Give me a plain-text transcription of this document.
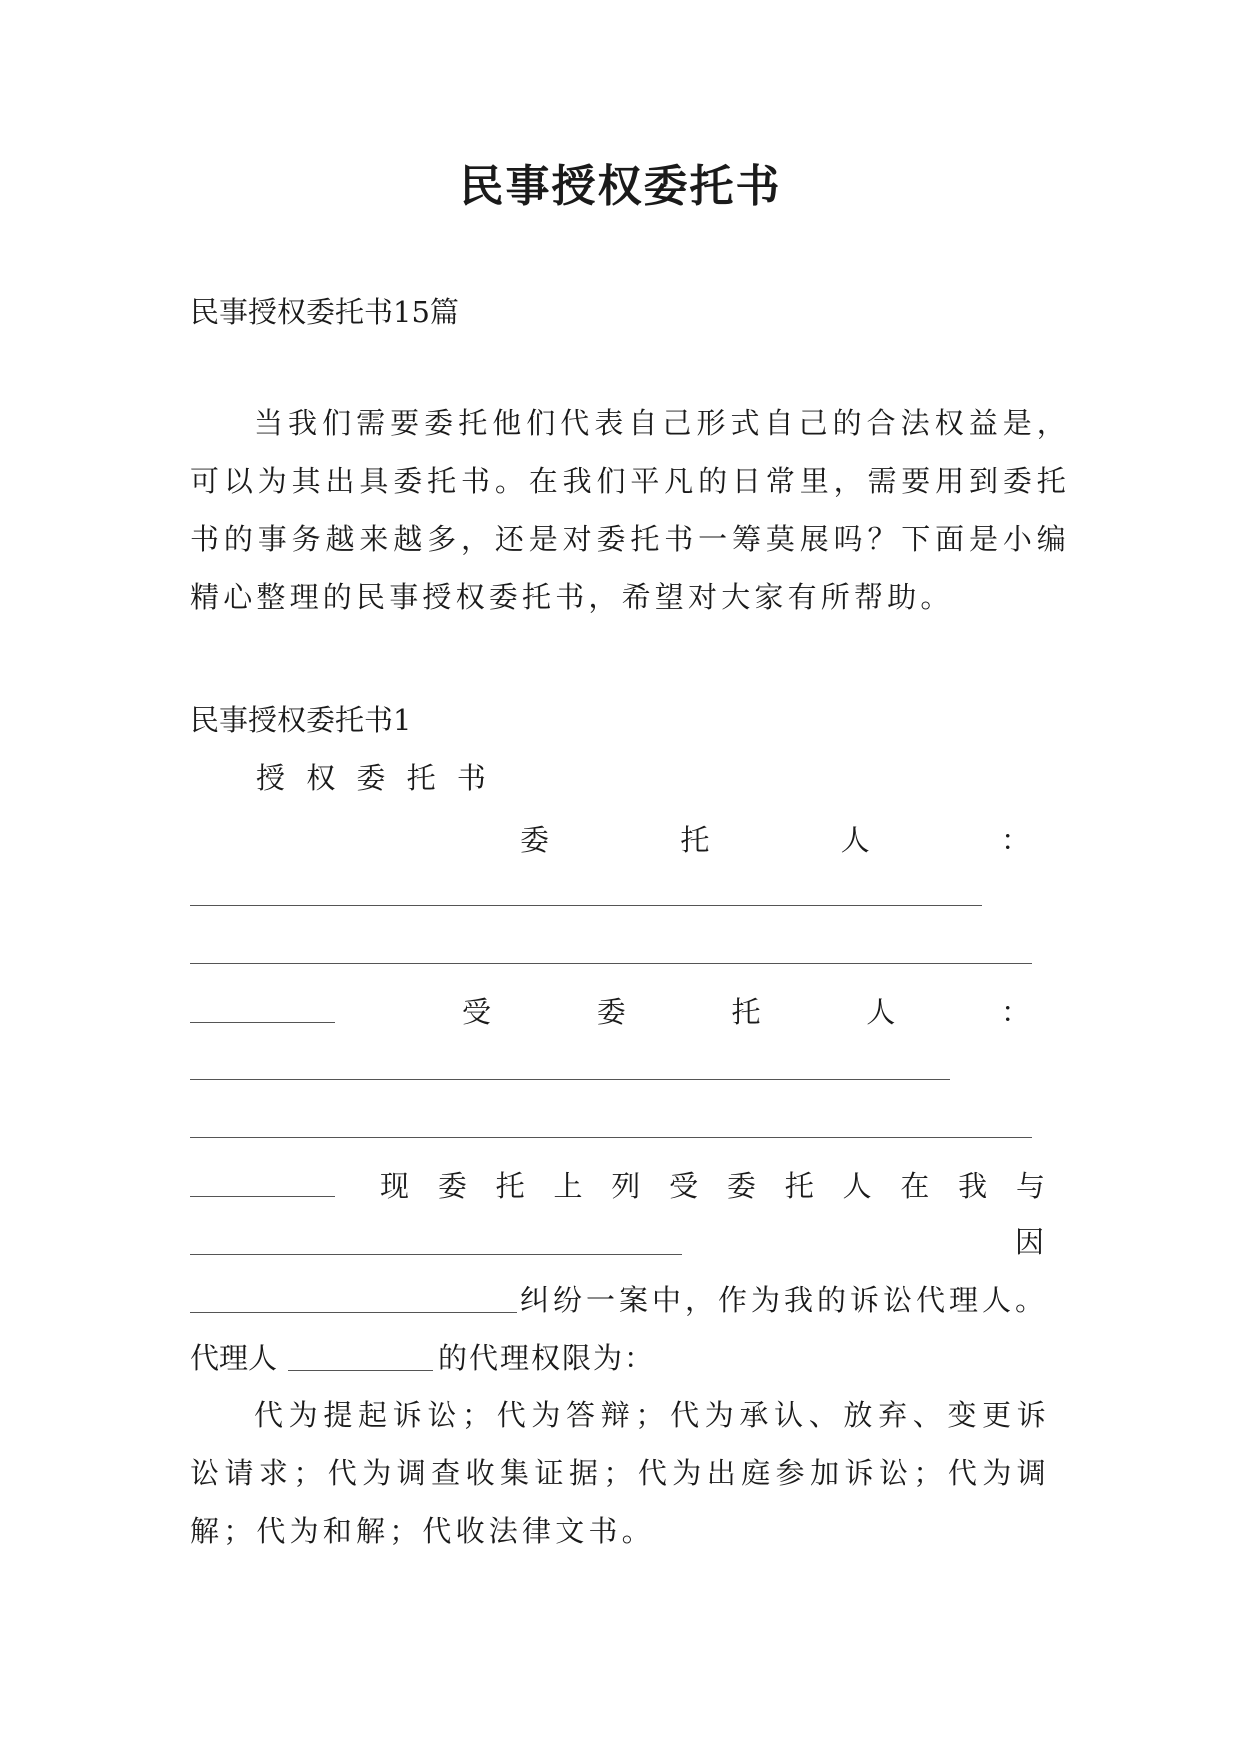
民事授权委托书
民事授权委托书15篇
当我们需要委托他们代表自己形式自己的合法权益是，可以为其出具委托书。在我们平凡的日常里，需要用到委托书的事务越来越多，还是对委托书一筹莫展吗？下面是小编精心整理的民事授权委托书，希望对大家有所帮助。
民事授权委托书1
授 权 委 托 书
委	托	人	：
受	委	托	人	：
现 委 托 上 列 受 委 托 人 在 我 与
因
纠纷一案中，作为我的诉讼代理人。
代理人	的代理权限为：
代为提起诉讼；代为答辩；代为承认、放弃、变更诉讼请求；代为调查收集证据；代为出庭参加诉讼；代为调解；代为和解；代收法律文书。
